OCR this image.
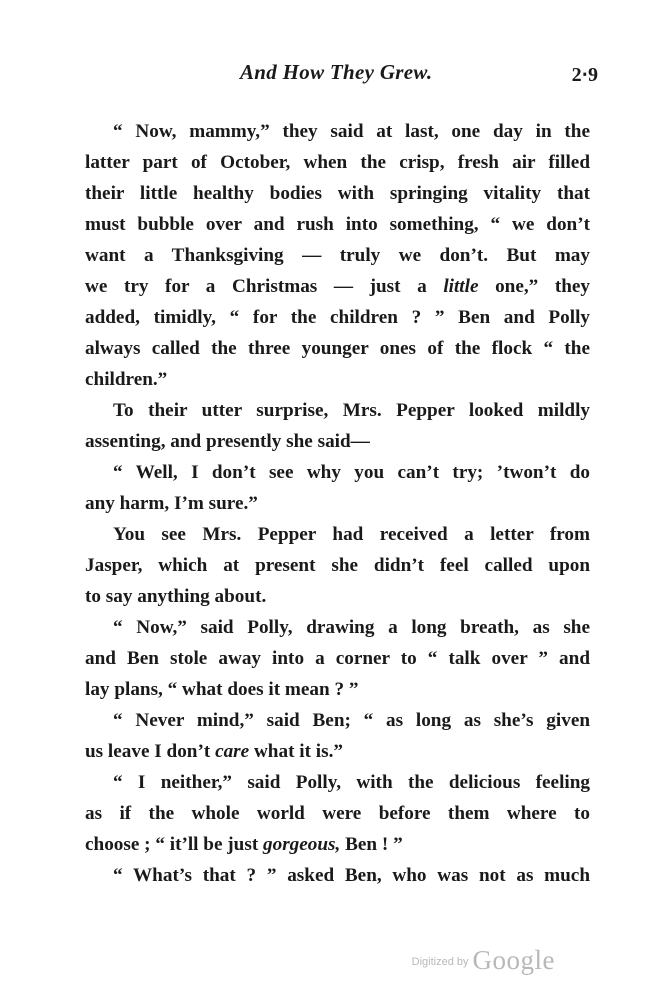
And How They Grew.	2⋅9
“ Now, mammy,” they said at last, one day in the
latter part of October, when the crisp, fresh air filled
their little healthy bodies with springing vitality that
must bubble over and rush into something, “ we don’t
want a Thanksgiving — truly we don’t. But may
we try for a Christmas — just a little one,” they
added, timidly, “ for the children ? ” Ben and Polly
always called the three younger ones of the flock “ the
children.”
To their utter surprise, Mrs. Pepper looked mildly
assenting, and presently she said—
“ Well, I don’t see why you can’t try; ’twon’t do
any harm, I’m sure.”
You see Mrs. Pepper had received a letter from
Jasper, which at present she didn’t feel called upon
to say anything about.
“ Now,” said Polly, drawing a long breath, as she
and Ben stole away into a corner to “ talk over ” and
lay plans, “ what does it mean ? ”
“ Never mind,” said Ben; “ as long as she’s given
us leave I don’t care what it is.”
“ I neither,” said Polly, with the delicious feeling
as if the whole world were before them where to
choose ; “ it’ll be just gorgeous, Ben ! ”
“ What’s that ? ” asked Ben, who was not as much
$^{Digitized by}$ Google
